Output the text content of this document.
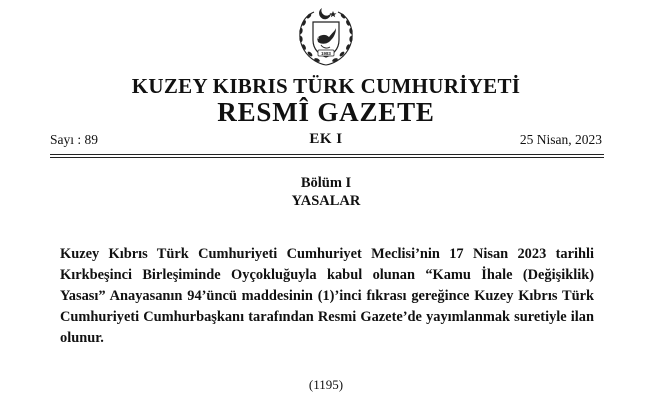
1983
KUZEY KIBRIS TÜRK CUMHURİYETİ
RESMÎ GAZETE
Sayı : 89	EK I	25 Nisan, 2023
Bölüm I
YASALAR
Kuzey Kıbrıs Türk Cumhuriyeti Cumhuriyet Meclisi’nin 17 Nisan 2023 tarihli Kırkbeşinci Birleşiminde Oyçokluğuyla kabul olunan “Kamu İhale (Değişiklik) Yasası” Anayasanın 94’üncü maddesinin (1)’inci fıkrası gereğince Kuzey Kıbrıs Türk Cumhuriyeti Cumhurbaşkanı tarafından Resmi Gazete’de yayımlanmak suretiyle ilan olunur.
(1195)
